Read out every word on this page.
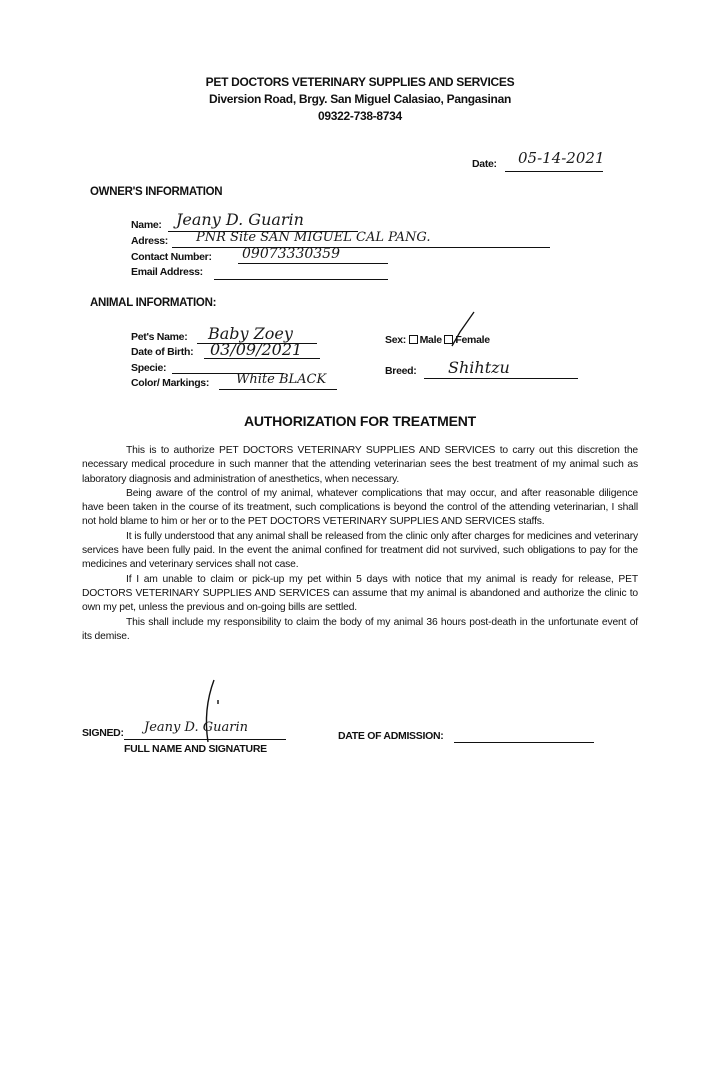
PET DOCTORS VETERINARY SUPPLIES AND SERVICES
Diversion Road, Brgy. San Miguel Calasiao, Pangasinan
09322-738-8734
Date: 05-14-2021
OWNER'S INFORMATION
Name: Jeany D. Guarin
Adress: PNR Site SAN MIGUEL CAL PANG.
Contact Number: 09073330359
Email Address:
ANIMAL INFORMATION:
Pet's Name: Baby Zoey
Date of Birth: 03/09/2021
Specie:
Color/ Markings: White BLACK
Sex: Male Female
Breed: Shihtzu
AUTHORIZATION FOR TREATMENT

This is to authorize PET DOCTORS VETERINARY SUPPLIES AND SERVICES to carry out this discretion the necessary medical procedure in such manner that the attending veterinarian sees the best treatment of my animal such as laboratory diagnosis and administration of anesthetics, when necessary.

Being aware of the control of my animal, whatever complications that may occur, and after reasonable diligence have been taken in the course of its treatment, such complications is beyond the control of the attending veterinarian, I shall not hold blame to him or her or to the PET DOCTORS VETERINARY SUPPLIES AND SERVICES staffs.

It is fully understood that any animal shall be released from the clinic only after charges for medicines and veterinary services have been fully paid. In the event the animal confined for treatment did not survived, such obligations to pay for the medicines and veterinary services shall not case.

If I am unable to claim or pick-up my pet within 5 days with notice that my animal is ready for release, PET DOCTORS VETERINARY SUPPLIES AND SERVICES can assume that my animal is abandoned and authorize the clinic to own my pet, unless the previous and on-going bills are settled.

This shall include my responsibility to claim the body of my animal 36 hours post-death in the unfortunate event of its demise.

SIGNED: Jeany D. Guarin
FULL NAME AND SIGNATURE
DATE OF ADMISSION:
